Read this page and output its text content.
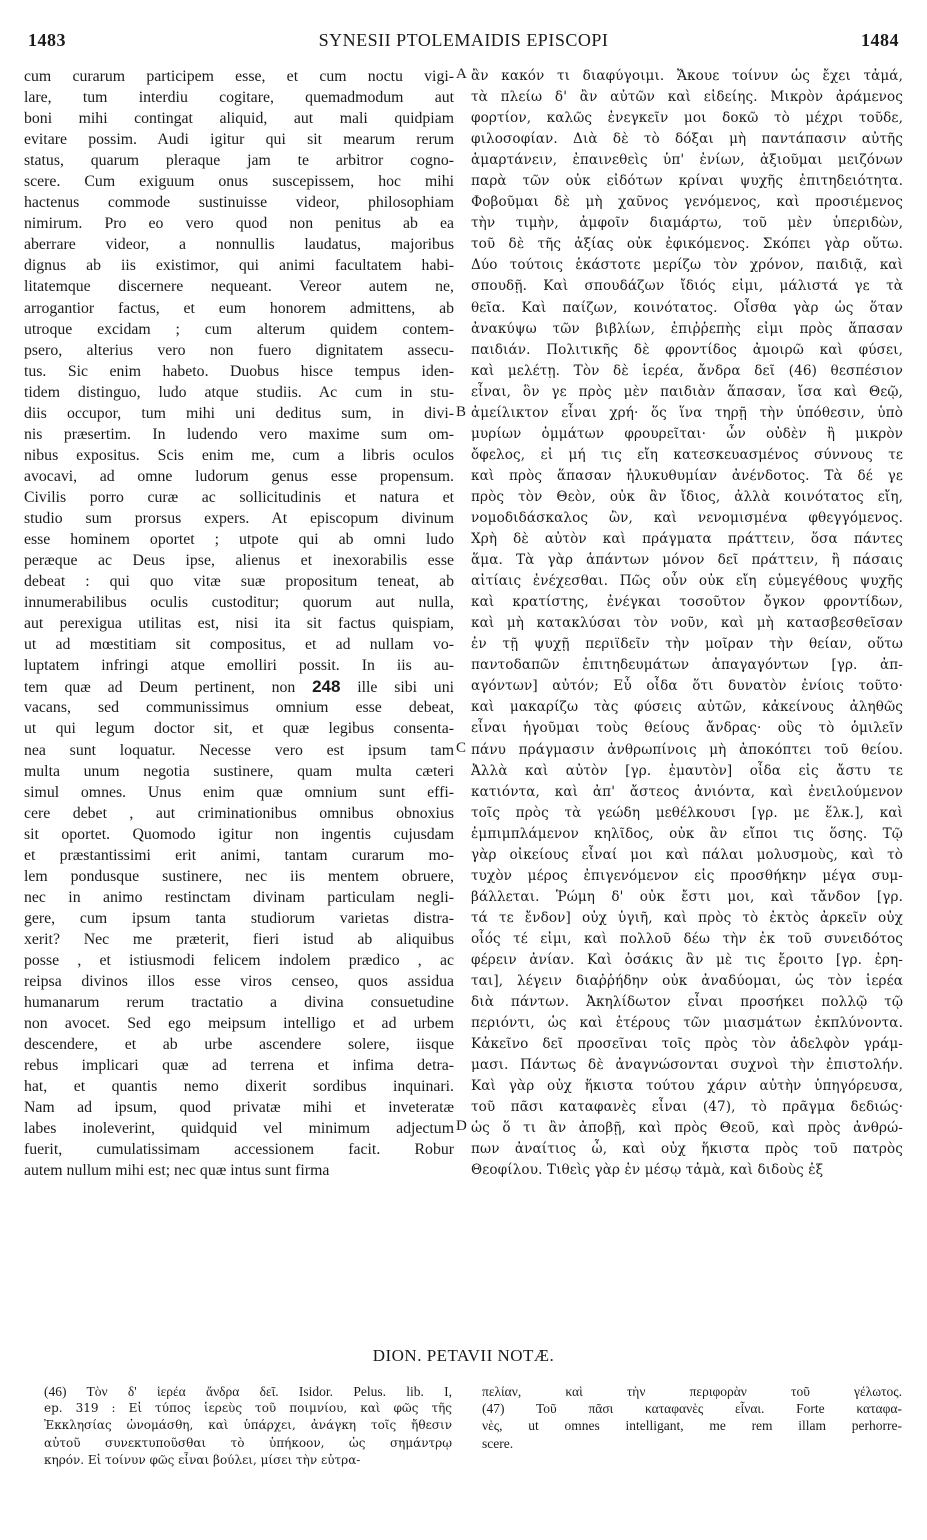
1483	SYNESII PTOLEMAIDIS EPISCOPI	1484
cum curarum participem esse, et cum noctu vigi-
lare, tum interdiu cogitare, quemadmodum aut
boni mihi contingat aliquid, aut mali quidpiam
evitare possim. Audi igitur qui sit mearum rerum
status, quarum pleraque jam te arbitror cogno-
scere. Cum exiguum onus suscepissem, hoc mihi
hactenus commode sustinuisse videor, philosophiam
nimirum. Pro eo vero quod non penitus ab ea
aberrare videor, a nonnullis laudatus, majoribus
dignus ab iis existimor, qui animi facultatem habi-
litatemque discernere nequeant. Vereor autem ne,
arrogantior factus, et eum honorem admittens, ab
utroque excidam ; cum alterum quidem contem-
psero, alterius vero non fuero dignitatem assecu-
tus. Sic enim habeto. Duobus hisce tempus iden-
tidem distinguo, ludo atque studiis. Ac cum in stu-
diis occupor, tum mihi uni deditus sum, in divi-
nis præsertim. In ludendo vero maxime sum om-
nibus expositus. Scis enim me, cum a libris oculos
avocavi, ad omne ludorum genus esse propensum.
Civilis porro curæ ac sollicitudinis et natura et
studio sum prorsus expers. At episcopum divinum
esse hominem oportet ; utpote qui ab omni ludo
peræque ac Deus ipse, alienus et inexorabilis esse
debeat : qui quo vitæ suæ propositum teneat, ab
innumerabilibus oculis custoditur; quorum aut nulla,
aut perexigua utilitas est, nisi ita sit factus quispiam,
ut ad mœstitiam sit compositus, et ad nullam vo-
luptatem infringi atque emolliri possit. In iis au-
tem quæ ad Deum pertinent, non 248 ille sibi uni
vacans, sed communissimus omnium esse debeat,
ut qui legum doctor sit, et quæ legibus consenta-
nea sunt loquatur. Necesse vero est ipsum tam
multa unum negotia sustinere, quam multa cæteri
simul omnes. Unus enim quæ omnium sunt effi-
cere debet , aut criminationibus omnibus obnoxius
sit oportet. Quomodo igitur non ingentis cujusdam
et præstantissimi erit animi, tantam curarum mo-
lem pondusque sustinere, nec iis mentem obruere,
nec in animo restinctam divinam particulam negli-
gere, cum ipsum tanta studiorum varietas distra-
xerit? Nec me præterit, fieri istud ab aliquibus
posse , et istiusmodi felicem indolem prædico , ac
reipsa divinos illos esse viros censeo, quos assidua
humanarum rerum tractatio a divina consuetudine
non avocet. Sed ego meipsum intelligo et ad urbem
descendere, et ab urbe ascendere solere, iisque
rebus implicari quæ ad terrena et infima detra-
hat, et quantis nemo dixerit sordibus inquinari.
Nam ad ipsum, quod privatæ mihi et inveteratæ
labes inoleverint, quidquid vel minimum adjectum
fuerit, cumulatissimam accessionem facit. Robur
autem nullum mihi est; nec quæ intus sunt firma
A
B
C
D
ἂν κακόν τι διαφύγοιμι. Ἄκουε τοίνυν ὡς ἔχει τἀμά,
τὰ πλείω δ' ἂν αὐτῶν καὶ εἰδείης. Μικρὸν ἀράμενος
φορτίον, καλῶς ἐνεγκεῖν μοι δοκῶ τὸ μέχρι τοῦδε,
φιλοσοφίαν. Διὰ δὲ τὸ δόξαι μὴ παντάπασιν αὐτῆς
ἁμαρτάνειν, ἐπαινεθεὶς ὑπ' ἐνίων, ἀξιοῦμαι μειζόνων
παρὰ τῶν οὐκ εἰδότων κρίναι ψυχῆς ἐπιτηδειότητα.
Φοβοῦμαι δὲ μὴ χαῦνος γενόμενος, καὶ προσιέμενος
τὴν τιμὴν, ἀμφοῖν διαμάρτω, τοῦ μὲν ὑπεριδὼν,
τοῦ δὲ τῆς ἀξίας οὐκ ἐφικόμενος. Σκόπει γὰρ οὕτω.
Δύο τούτοις ἑκάστοτε μερίζω τὸν χρόνον, παιδιᾷ, καὶ
σπουδῇ. Καὶ σπουδάζων ἴδιός εἰμι, μάλιστά γε τὰ
θεῖα. Καὶ παίζων, κοινότατος. Οἶσθα γὰρ ὡς ὅταν
ἀνακύψω τῶν βιβλίων, ἐπιῤῥεπὴς εἰμι πρὸς ἅπασαν
παιδιάν. Πολιτικῆς δὲ φροντίδος ἀμοιρῶ καὶ φύσει,
καὶ μελέτῃ. Τὸν δὲ ἱερέα, ἄνδρα δεῖ (46) θεσπέσιον
εἶναι, ὃν γε πρὸς μὲν παιδιὰν ἅπασαν, ἴσα καὶ Θεῷ,
ἀμείλικτον εἶναι χρή· ὅς ἵνα τηρῇ τὴν ὑπόθεσιν, ὑπὸ
μυρίων ὀμμάτων φρουρεῖται· ὧν οὐδὲν ἢ μικρὸν
ὄφελος, εἰ μή τις εἴη κατεσκευασμένος σύννους τε
καὶ πρὸς ἅπασαν ἡλυκυθυμίαν ἀνένδοτος. Τὰ δέ γε
πρὸς τὸν Θεὸν, οὐκ ἂν ἴδιος, ἀλλὰ κοινότατος εἴη,
νομοδιδάσκαλος ὢν, καὶ νενομισμένα φθεγγόμενος.
Χρὴ δὲ αὐτὸν καὶ πράγματα πράττειν, ὅσα πάντες
ἅμα. Τὰ γὰρ ἁπάντων μόνον δεῖ πράττειν, ἢ πάσαις
αἰτίαις ἐνέχεσθαι. Πῶς οὖν οὐκ εἴη εὐμεγέθους ψυχῆς
καὶ κρατίστης, ἐνέγκαι τοσοῦτον ὄγκον φροντίδων,
καὶ μὴ κατακλύσαι τὸν νοῦν, καὶ μὴ κατασβεσθεῖσαν
ἐν τῇ ψυχῇ περιϊδεῖν τὴν μοῖραν τὴν θείαν, οὕτω
παντοδαπῶν ἐπιτηδευμάτων ἀπαγαγόντων [γρ. ἀπ-
αγόντων] αὐτόν; Εὖ οἶδα ὅτι δυνατὸν ἐνίοις τοῦτο·
καὶ μακαρίζω τὰς φύσεις αὐτῶν, κἀκείνους ἀληθῶς
εἶναι ἡγοῦμαι τοὺς θείους ἄνδρας· οὓς τὸ ὁμιλεῖν
πάνυ πράγμασιν ἀνθρωπίνοις μὴ ἀποκόπτει τοῦ θείου.
Ἀλλὰ καὶ αὐτὸν [γρ. ἐμαυτὸν] οἶδα εἰς ἄστυ τε
κατιόντα, καὶ ἀπ' ἄστεος ἀνιόντα, καὶ ἐνειλούμενον
τοῖς πρὸς τὰ γεώδη μεθέλκουσι [γρ. με ἕλκ.], καὶ
ἐμπιμπλάμενον κηλῖδος, οὐκ ἂν εἴποι τις ὅσης. Τῷ
γὰρ οἰκείους εἶναί μοι καὶ πάλαι μολυσμοὺς, καὶ τὸ
τυχὸν μέρος ἐπιγενόμενον εἰς προσθήκην μέγα συμ-
βάλλεται. Ῥώμη δ' οὐκ ἔστι μοι, καὶ τἄνδον [γρ.
τά τε ἔνδον] οὐχ ὑγιῆ, καὶ πρὸς τὸ ἐκτὸς ἀρκεῖν οὐχ
οἷός τέ εἰμι, καὶ πολλοῦ δέω τὴν ἐκ τοῦ συνειδότος
φέρειν ἀνίαν. Καὶ ὁσάκις ἂν μὲ τις ἔροιτο [γρ. ἐρη-
ται], λέγειν διαῤῥήδην οὐκ ἀναδύομαι, ὡς τὸν ἱερέα
διὰ πάντων. Ἀκηλίδωτον εἶναι προσήκει πολλῷ τῷ
περιόντι, ὡς καὶ ἑτέρους τῶν μιασμάτων ἐκπλύνοντα.
Κἀκεῖνο δεῖ προσεῖναι τοῖς πρὸς τὸν ἀδελφὸν γράμ-
μασι. Πάντως δὲ ἀναγνώσονται συχνοὶ τὴν ἐπιστολήν.
Καὶ γὰρ οὐχ ἥκιστα τούτου χάριν αὐτὴν ὑπηγόρευσα,
τοῦ πᾶσι καταφανὲς εἶναι (47), τὸ πρᾶγμα δεδιώς·
ὡς ὅ τι ἂν ἀποβῇ, καὶ πρὸς Θεοῦ, καὶ πρὸς ἀνθρώ-
πων ἀναίτιος ὦ, καὶ οὐχ ἥκιστα πρὸς τοῦ πατρὸς
Θεοφίλου. Τιθεὶς γὰρ ἐν μέσῳ τἀμὰ, καὶ διδοὺς ἐξ
DION. PETAVII NOTÆ.
(46) Τὸν δ' ἱερέα ἄνδρα δεῖ. Isidor. Pelus. lib. I,
ep. 319 : Εἰ τύπος ἱερεὺς τοῦ ποιμνίου, καὶ φῶς τῆς
Ἐκκλησίας ὠνομάσθη, καὶ ὑπάρχει, ἀνάγκη τοῖς ἤθεσιν
αὐτοῦ συνεκτυποῦσθαι τὸ ὑπήκοον, ὡς σημάντρῳ
κηρόν. Εἰ τοίνυν φῶς εἶναι βούλει, μίσει τὴν εὐτρα-
πελίαν, καὶ τὴν περιφορὰν τοῦ γέλωτος.
(47) Τοῦ πᾶσι καταφανὲς εἶναι. Forte καταφα-
νὲς, ut omnes intelligant, me rem illam perhorre-
scere.
